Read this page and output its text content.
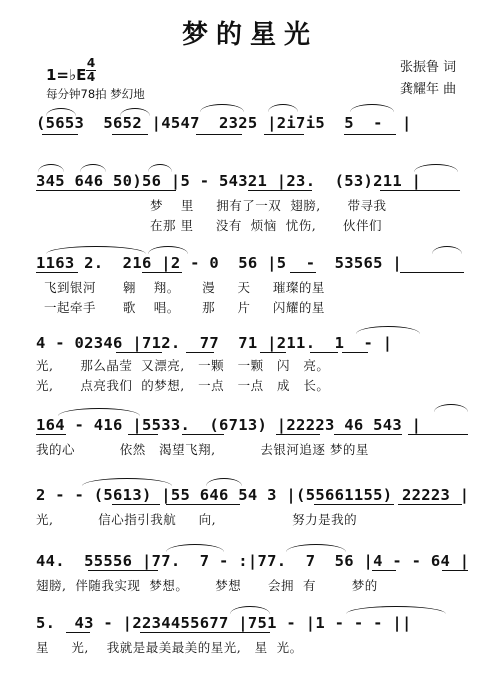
梦的星光
张振鲁 词
龚耀年 曲
1=♭E
4
4
每分钟78拍 梦幻地
(5653  5652 |4547  2325 |2i7i5  5  -  |
345 646 50)56 |5 - 54321 |23.  (53)211 |
梦    里     拥有了一双  翅膀,      带寻我
在那 里     没有  烦恼  忧伤,      伙伴们
1163 2.  216 |2 - 0  56 |5  -  53565 |
飞到银河      翱    翔。     漫     天     璀璨的星
一起牵手      歌    唱。     那     片     闪耀的星
4 - 02346 |712.  77  71 |211.  1  - |
光,      那么晶莹  又漂亮,   一颗   一颗   闪   亮。
光,      点亮我们  的梦想,   一点   一点   成   长。
164 - 416 |5533.  (6713) |22223 46 543 |
我的心          依然   渴望飞翔,          去银河追逐 梦的星
2 - - (5613) |55 646 54 3 |(55661155) 22223 |
光,          信心指引我航     向,                 努力是我的
44.  55556 |77.  7 - :|77.  7  56 |4 - - 64 |
翅膀,  伴随我实现  梦想。      梦想      会拥  有        梦的
5.  43 - |2234455677 |751 - |1 - - - ||
星     光,    我就是最美最美的星光,   星  光。
